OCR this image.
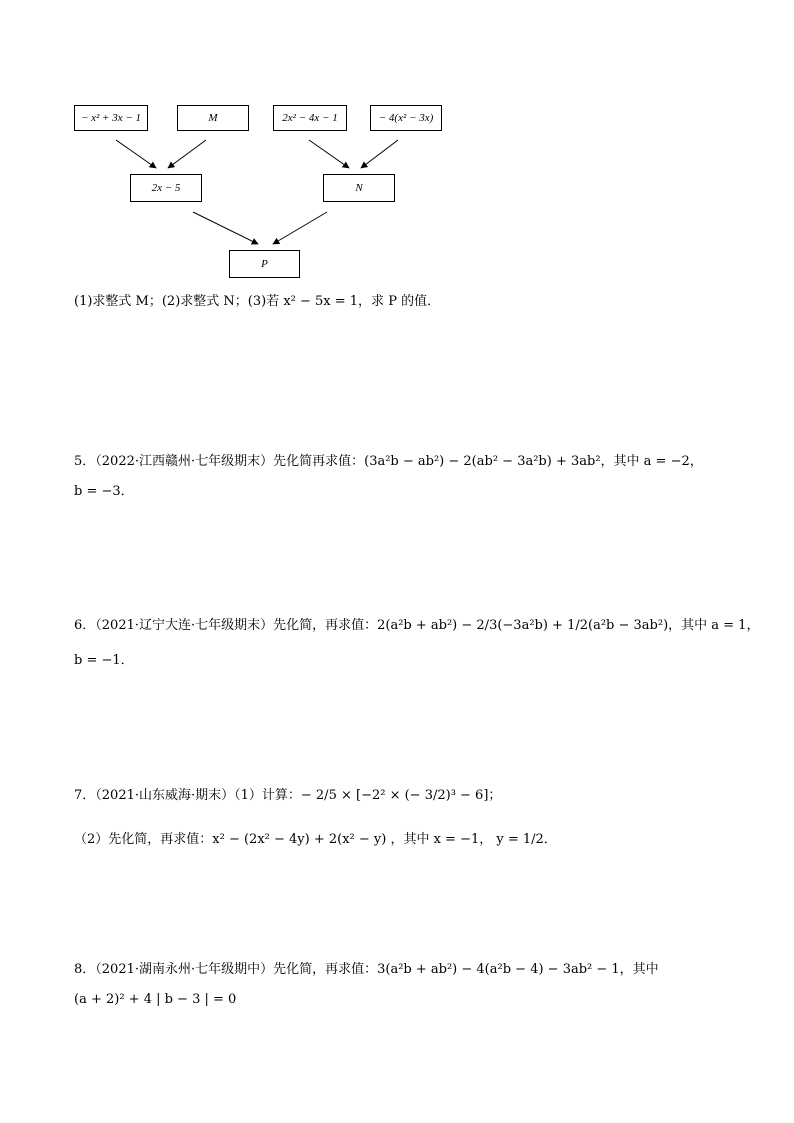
− x² + 3x − 1	M	2x² − 4x − 1	− 4(x² − 3x)
2x − 5	N
P
(1)求整式 M；(2)求整式 N；(3)若 x² − 5x = 1，求 P 的值．
5．（2022·江西赣州·七年级期末）先化简再求值：(3a²b − ab²) − 2(ab² − 3a²b) + 3ab²，其中 a = −2，
b = −3．
6．（2021·辽宁大连·七年级期末）先化简，再求值：2(a²b + ab²) − 2/3(−3a²b) + 1/2(a²b − 3ab²)，其中 a = 1，
b = −1．
7．（2021·山东威海·期末）（1）计算：− 2/5 × [−2² × (− 3/2)³ − 6]；
（2）先化简，再求值：x² − (2x² − 4y) + 2(x² − y) ，其中 x = −1， y = 1/2．
8．（2021·湖南永州·七年级期中）先化简，再求值：3(a²b + ab²) − 4(a²b − 4) − 3ab² − 1，其中
(a + 2)² + 4 | b − 3 | = 0
